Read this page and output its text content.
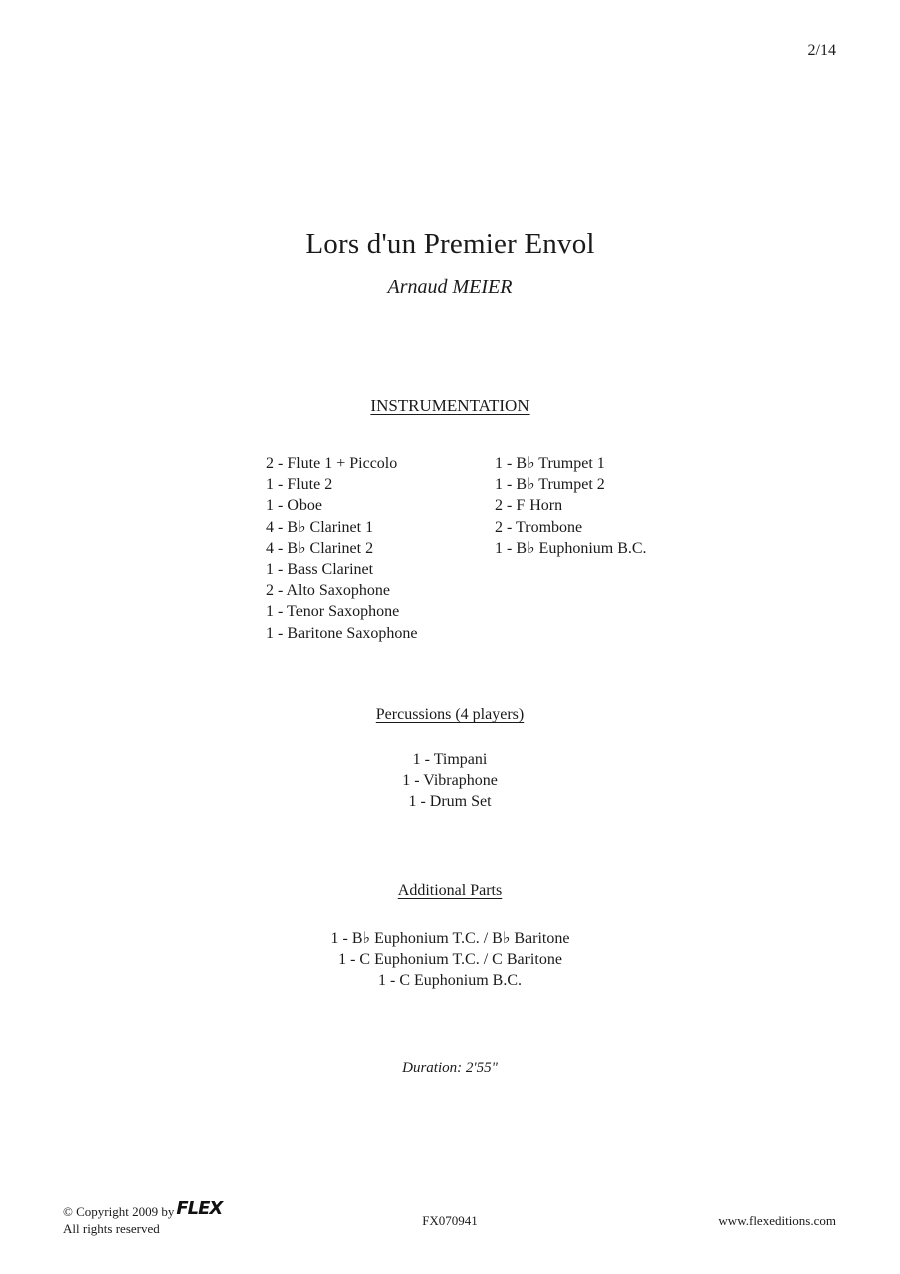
2/14
Lors d'un Premier Envol
Arnaud MEIER
INSTRUMENTATION
2 - Flute 1 + Piccolo
1 - Flute 2
1 - Oboe
4 - B♭ Clarinet 1
4 - B♭ Clarinet 2
1 - Bass Clarinet
2 - Alto Saxophone
1 - Tenor Saxophone
1 - Baritone Saxophone
1 - B♭ Trumpet 1
1 - B♭ Trumpet 2
2 - F Horn
2 - Trombone
1 - B♭ Euphonium B.C.
Percussions (4 players)
1 - Timpani
1 - Vibraphone
1 - Drum Set
Additional Parts
1 - B♭ Euphonium T.C. / B♭ Baritone
1 - C Euphonium T.C. / C Baritone
1 - C Euphonium B.C.
Duration: 2'55"
© Copyright 2009 by FLEX
All rights reserved
FX070941	www.flexeditions.com
